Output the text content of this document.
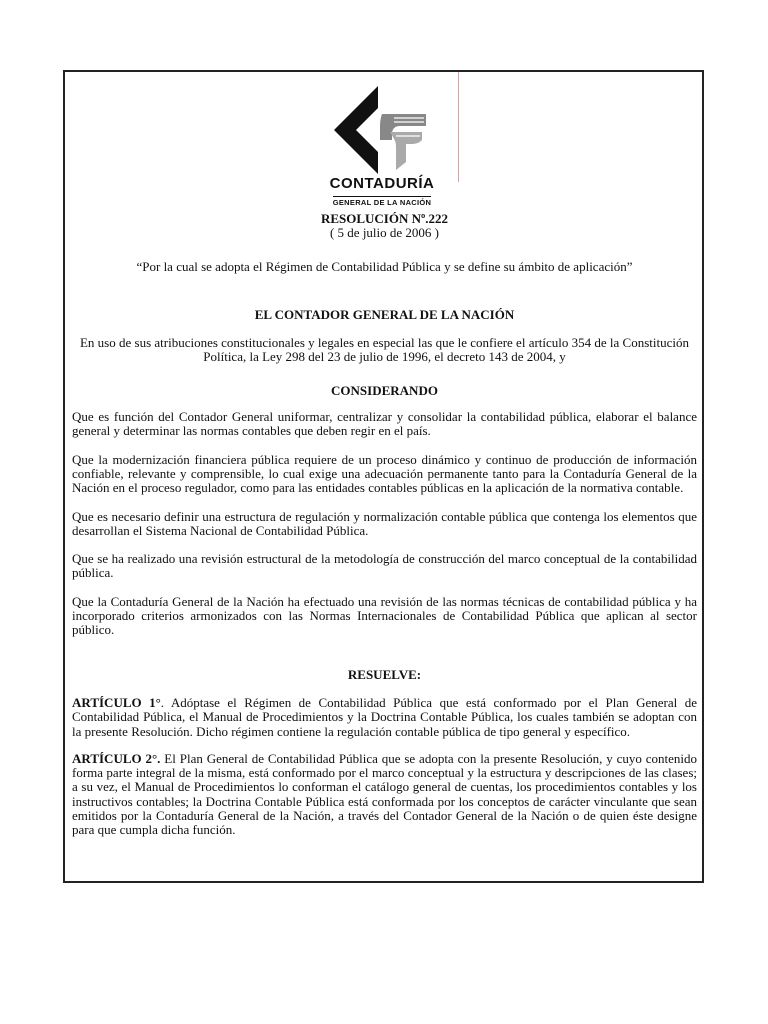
CONTADURÍA
GENERAL DE LA NACIÓN
RESOLUCIÓN Nº.222
( 5 de julio de 2006 )
“Por la cual se adopta el Régimen de Contabilidad Pública y se define su ámbito de aplicación”
EL CONTADOR GENERAL DE LA NACIÓN
En uso de sus atribuciones constitucionales y legales en especial las que le confiere el artículo 354 de la Constitución Política, la Ley 298 del 23 de julio de 1996, el decreto 143 de 2004, y
CONSIDERANDO
Que es función del Contador General uniformar, centralizar y consolidar la contabilidad pública, elaborar el balance general y determinar las normas contables que deben regir en el país.
Que la modernización financiera pública requiere de un proceso dinámico y continuo de producción de información confiable, relevante y comprensible, lo cual exige una adecuación permanente tanto para la Contaduría General de la Nación en el proceso regulador, como para las entidades contables públicas en la aplicación de la normativa contable.
Que es necesario definir una estructura de regulación y normalización contable pública que contenga los elementos que desarrollan el Sistema Nacional de Contabilidad Pública.
Que se ha realizado una revisión estructural de la metodología de construcción del marco conceptual de la contabilidad pública.
Que la Contaduría General de la Nación ha efectuado una revisión de las normas técnicas de contabilidad pública y ha incorporado criterios armonizados con las Normas Internacionales de Contabilidad Pública que aplican al sector público.
RESUELVE:
ARTÍCULO 1°. Adóptase el Régimen de Contabilidad Pública que está conformado por el Plan General de Contabilidad Pública, el Manual de Procedimientos y la Doctrina Contable Pública, los cuales también se adoptan con la presente Resolución. Dicho régimen contiene la regulación contable pública de tipo general y específico.
ARTÍCULO 2°. El Plan General de Contabilidad Pública que se adopta con la presente Resolución, y cuyo contenido forma parte integral de la misma, está conformado por el marco conceptual y la estructura y descripciones de las clases; a su vez, el Manual de Procedimientos lo conforman el catálogo general de cuentas, los procedimientos contables y los instructivos contables; la Doctrina Contable Pública está conformada por los conceptos de carácter vinculante que sean emitidos por la Contaduría General de la Nación, a través del Contador General de la Nación o de quien éste designe para que cumpla dicha función.
